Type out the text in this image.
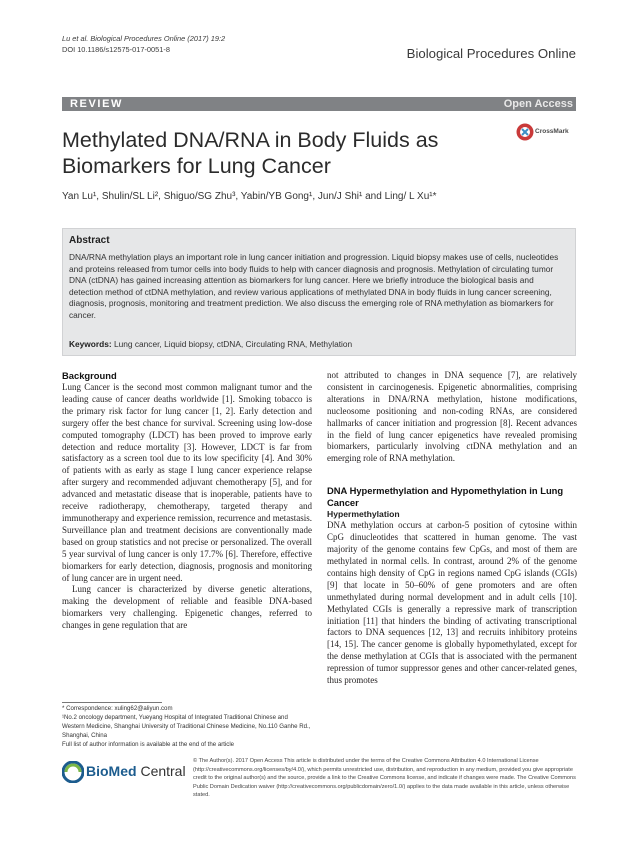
Lu et al. Biological Procedures Online (2017) 19:2
DOI 10.1186/s12575-017-0051-8	Biological Procedures Online
REVIEW	Open Access
Methylated DNA/RNA in Body Fluids as Biomarkers for Lung Cancer
CrossMark
Yan Lu¹, Shulin/SL Li², Shiguo/SG Zhu³, Yabin/YB Gong¹, Jun/J Shi¹ and Ling/ L Xu¹*
Abstract
DNA/RNA methylation plays an important role in lung cancer initiation and progression. Liquid biopsy makes use of cells, nucleotides and proteins released from tumor cells into body fluids to help with cancer diagnosis and prognosis. Methylation of circulating tumor DNA (ctDNA) has gained increasing attention as biomarkers for lung cancer. Here we briefly introduce the biological basis and detection method of ctDNA methylation, and review various applications of methylated DNA in body fluids in lung cancer screening, diagnosis, prognosis, monitoring and treatment prediction. We also discuss the emerging role of RNA methylation as biomarkers for cancer.
Keywords: Lung cancer, Liquid biopsy, ctDNA, Circulating RNA, Methylation
Background

Lung Cancer is the second most common malignant tumor and the leading cause of cancer deaths worldwide [1]. Smoking tobacco is the primary risk factor for lung cancer [1, 2]. Early detection and surgery offer the best chance for survival. Screening using low-dose computed tomography (LDCT) has been proved to improve early detection and reduce mortality [3]. However, LDCT is far from satisfactory as a screen tool due to its low specificity [4]. And 30% of patients with as early as stage I lung cancer experience relapse after surgery and recommended adjuvant chemotherapy [5], and for advanced and metastatic disease that is inoperable, patients have to receive radiotherapy, chemotherapy, targeted therapy and immunotherapy and experience remission, recurrence and metastasis. Surveillance plan and treatment decisions are conventionally made based on group statistics and not precise or personalized. The overall 5 year survival of lung cancer is only 17.7% [6]. Therefore, effective biomarkers for early detection, diagnosis, prognosis and monitoring of lung cancer are in urgent need.

Lung cancer is characterized by diverse genetic alterations, making the development of reliable and feasible DNA-based biomarkers very challenging. Epigenetic changes, referred to changes in gene regulation that are

not attributed to changes in DNA sequence [7], are relatively consistent in carcinogenesis. Epigenetic abnormalities, comprising alterations in DNA/RNA methylation, histone modifications, nucleosome positioning and non-coding RNAs, are considered hallmarks of cancer initiation and progression [8]. Recent advances in the field of lung cancer epigenetics have revealed promising biomarkers, particularly involving ctDNA methylation and an emerging role of RNA methylation.

DNA Hypermethylation and Hypomethylation in Lung Cancer
Hypermethylation

DNA methylation occurs at carbon-5 position of cytosine within CpG dinucleotides that scattered in human genome. The vast majority of the genome contains few CpGs, and most of them are methylated in normal cells. In contrast, around 2% of the genome contains high density of CpG in regions named CpG islands (CGIs) [9] that locate in 50–60% of gene promoters and are often unmethylated during normal development and in adult cells [10]. Methylated CGIs is generally a repressive mark of transcription initiation [11] that hinders the binding of activating transcriptional factors to DNA sequences [12, 13] and recruits inhibitory proteins [14, 15]. The cancer genome is globally hypomethylated, except for the dense methylation at CGIs that is associated with the permanent repression of tumor suppressor genes and other cancer-related genes, thus promotes

* Correspondence: xuling62@aliyun.com
¹No.2 oncology department, Yueyang Hospital of Integrated Traditional Chinese and Western Medicine, Shanghai University of Traditional Chinese Medicine, No.110 Ganhe Rd., Shanghai, China
Full list of author information is available at the end of the article
BioMed Central
© The Author(s). 2017 Open Access This article is distributed under the terms of the Creative Commons Attribution 4.0 International License (http://creativecommons.org/licenses/by/4.0/), which permits unrestricted use, distribution, and reproduction in any medium, provided you give appropriate credit to the original author(s) and the source, provide a link to the Creative Commons license, and indicate if changes were made. The Creative Commons Public Domain Dedication waiver (http://creativecommons.org/publicdomain/zero/1.0/) applies to the data made available in this article, unless otherwise stated.
